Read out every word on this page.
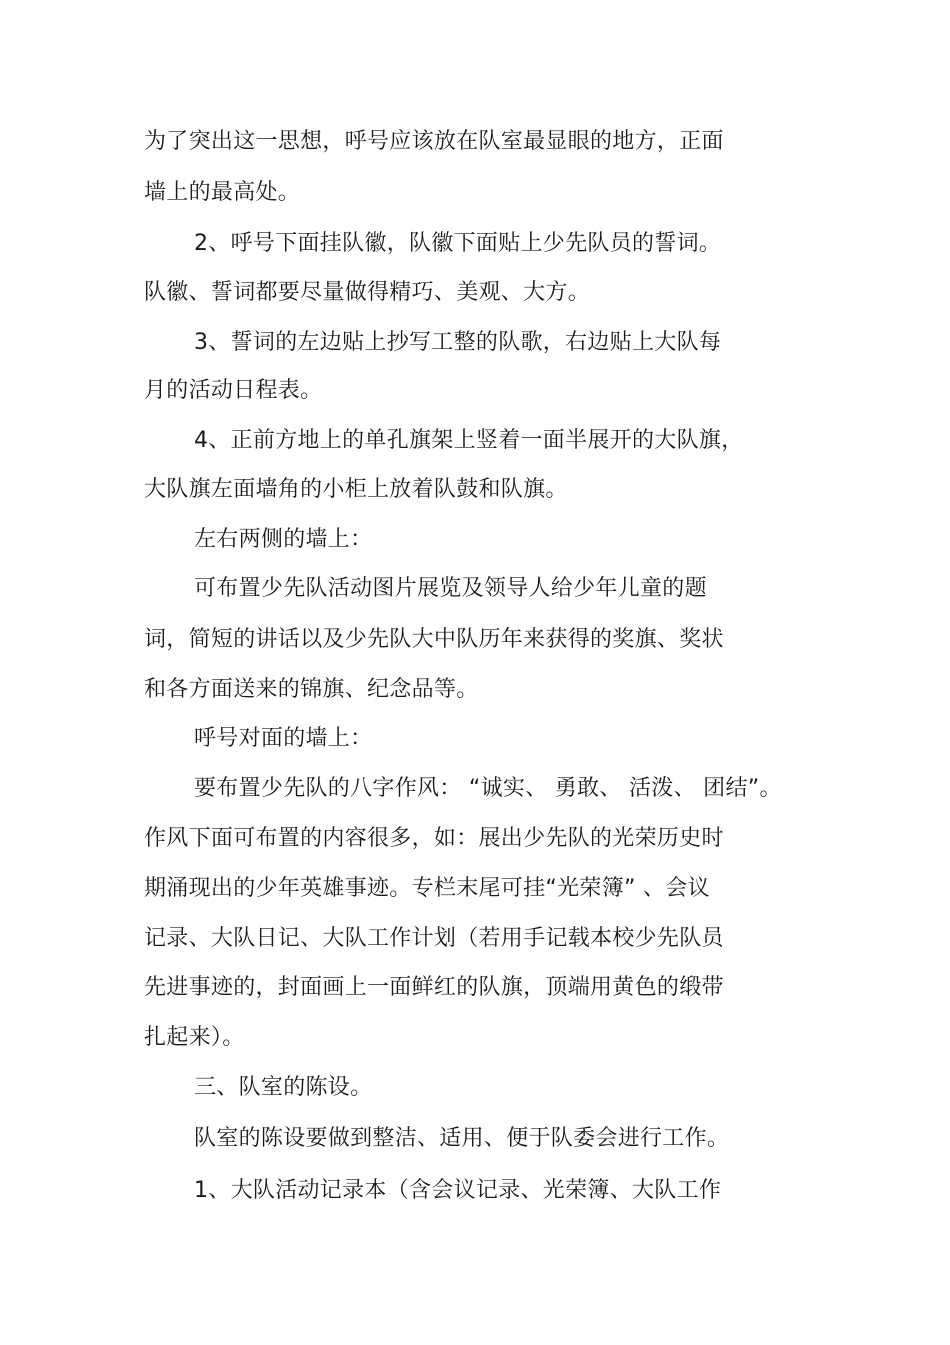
为了突出这一思想，呼号应该放在队室最显眼的地方，正面
墙上的最高处。
2、呼号下面挂队徽，队徽下面贴上少先队员的誓词。
队徽、誓词都要尽量做得精巧、美观、大方。
3、誓词的左边贴上抄写工整的队歌，右边贴上大队每
月的活动日程表。
4、正前方地上的单孔旗架上竖着一面半展开的大队旗，
大队旗左面墙角的小柜上放着队鼓和队旗。
左右两侧的墙上：
可布置少先队活动图片展览及领导人给少年儿童的题
词，简短的讲话以及少先队大中队历年来获得的奖旗、奖状
和各方面送来的锦旗、纪念品等。
呼号对面的墙上：
要布置少先队的八字作风： “诚实、 勇敢、 活泼、 团结”。
作风下面可布置的内容很多，如：展出少先队的光荣历史时
期涌现出的少年英雄事迹。专栏末尾可挂“光荣簿” 、会议
记录、大队日记、大队工作计划（若用手记载本校少先队员
先进事迹的，封面画上一面鲜红的队旗，顶端用黄色的缎带
扎起来）。
三、队室的陈设。
队室的陈设要做到整洁、适用、便于队委会进行工作。
1、大队活动记录本（含会议记录、光荣簿、大队工作
